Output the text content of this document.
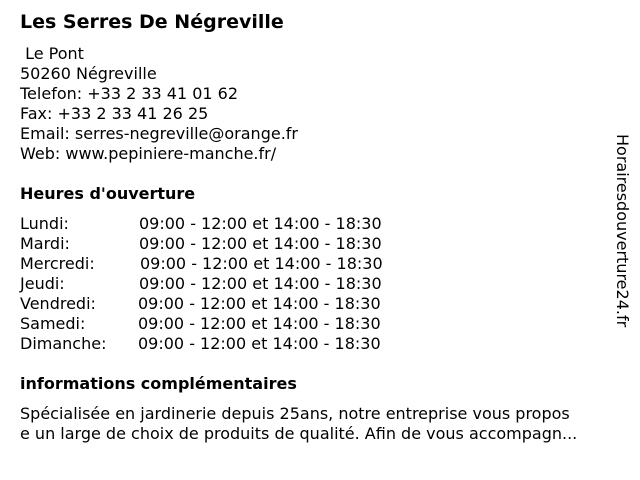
Les Serres De Négreville
Le Pont
50260 Négreville
Telefon: +33 2 33 41 01 62
Fax: +33 2 33 41 26 25
Email: serres-negreville@orange.fr
Web: www.pepiniere-manche.fr/
Heures d'ouverture
Lundi:	09:00 - 12:00 et 14:00 - 18:30
Mardi:	09:00 - 12:00 et 14:00 - 18:30
Mercredi:	09:00 - 12:00 et 14:00 - 18:30
Jeudi:	09:00 - 12:00 et 14:00 - 18:30
Vendredi:	09:00 - 12:00 et 14:00 - 18:30
Samedi:	09:00 - 12:00 et 14:00 - 18:30
Dimanche: 09:00 - 12:00 et 14:00 - 18:30
informations complémentaires
Spécialisée en jardinerie depuis 25ans, notre entreprise vous propos
e un large de choix de produits de qualité. Afin de vous accompagn...
Horairesdouverture24.fr
